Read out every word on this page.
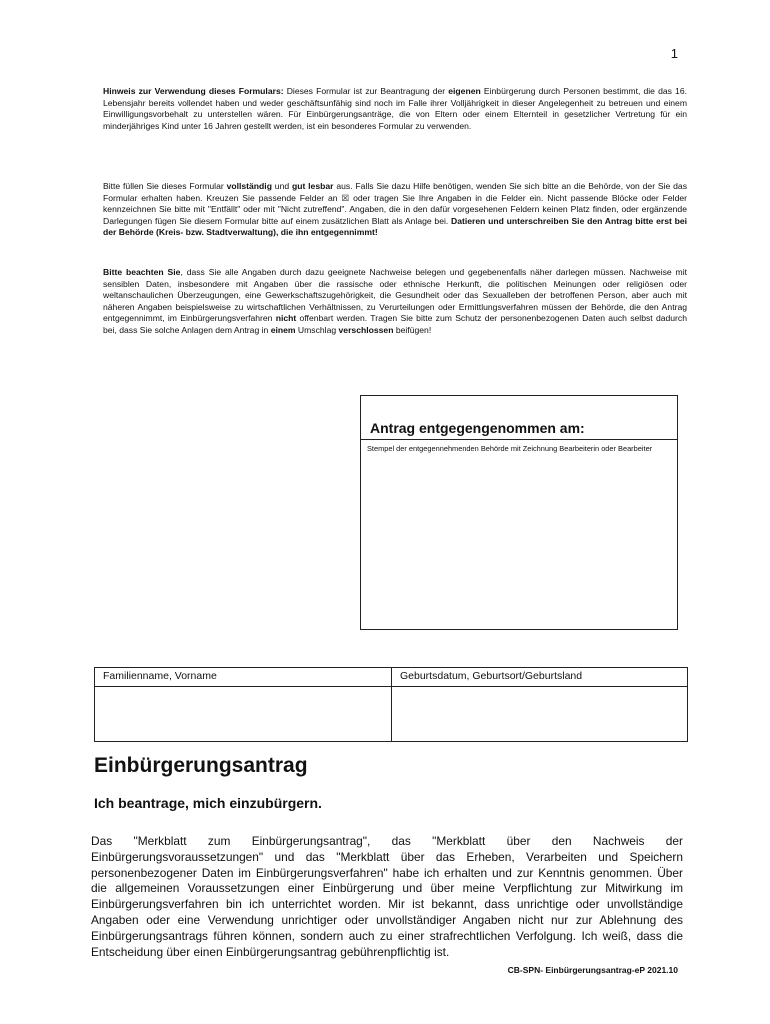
1
Hinweis zur Verwendung dieses Formulars: Dieses Formular ist zur Beantragung der eigenen Einbürgerung durch Personen bestimmt, die das 16. Lebensjahr bereits vollendet haben und weder geschäftsunfähig sind noch im Falle ihrer Volljährigkeit in dieser Angelegenheit zu betreuen und einem Einwilligungsvorbehalt zu unterstellen wären. Für Einbürgerungsanträge, die von Eltern oder einem Elternteil in gesetzlicher Vertretung für ein minderjähriges Kind unter 16 Jahren gestellt werden, ist ein besonderes Formular zu verwenden.
Bitte füllen Sie dieses Formular vollständig und gut lesbar aus. Falls Sie dazu Hilfe benötigen, wenden Sie sich bitte an die Behörde, von der Sie das Formular erhalten haben. Kreuzen Sie passende Felder an ☒ oder tragen Sie Ihre Angaben in die Felder ein. Nicht passende Blöcke oder Felder kennzeichnen Sie bitte mit "Entfällt" oder mit "Nicht zutreffend". Angaben, die in den dafür vorgesehenen Feldern keinen Platz finden, oder ergänzende Darlegungen fügen Sie diesem Formular bitte auf einem zusätzlichen Blatt als Anlage bei. Datieren und unterschreiben Sie den Antrag bitte erst bei der Behörde (Kreis- bzw. Stadtverwaltung), die ihn entgegennimmt!
Bitte beachten Sie, dass Sie alle Angaben durch dazu geeignete Nachweise belegen und gegebenenfalls näher darlegen müssen. Nachweise mit sensiblen Daten, insbesondere mit Angaben über die rassische oder ethnische Herkunft, die politischen Meinungen oder religiösen oder weltanschaulichen Überzeugungen, eine Gewerkschaftszugehörigkeit, die Gesundheit oder das Sexualleben der betroffenen Person, aber auch mit näheren Angaben beispielsweise zu wirtschaftlichen Verhältnissen, zu Verurteilungen oder Ermittlungsverfahren müssen der Behörde, die den Antrag entgegennimmt, im Einbürgerungsverfahren nicht offenbart werden. Tragen Sie bitte zum Schutz der personenbezogenen Daten auch selbst dadurch bei, dass Sie solche Anlagen dem Antrag in einem Umschlag verschlossen beifügen!
Antrag entgegengenommen am:
Stempel der entgegennehmenden Behörde mit Zeichnung Bearbeiterin oder Bearbeiter
Familienname, Vorname	Geburtsdatum, Geburtsort/Geburtsland

Einbürgerungsantrag
Ich beantrage, mich einzubürgern.
Das "Merkblatt zum Einbürgerungsantrag", das "Merkblatt über den Nachweis der Einbürgerungsvoraussetzungen" und das "Merkblatt über das Erheben, Verarbeiten und Speichern personenbezogener Daten im Einbürgerungsverfahren" habe ich erhalten und zur Kenntnis genommen. Über die allgemeinen Voraussetzungen einer Einbürgerung und über meine Verpflichtung zur Mitwirkung im Einbürgerungsverfahren bin ich unterrichtet worden. Mir ist bekannt, dass unrichtige oder unvollständige Angaben oder eine Verwendung unrichtiger oder unvollständiger Angaben nicht nur zur Ablehnung des Einbürgerungsantrags führen können, sondern auch zu einer strafrechtlichen Verfolgung. Ich weiß, dass die Entscheidung über einen Einbürgerungsantrag gebührenpflichtig ist.
CB-SPN- Einbürgerungsantrag-eP 2021.10
